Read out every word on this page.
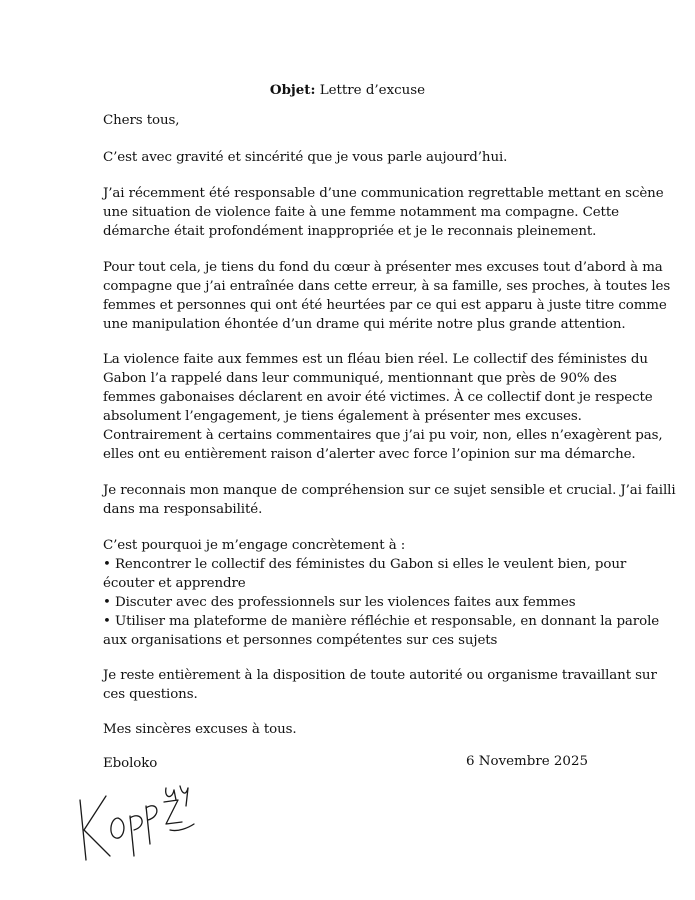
Objet: Lettre d’excuse
Chers tous,
C’est avec gravité et sincérité que je vous parle aujourd’hui.
J’ai récemment été responsable d’une communication regrettable mettant en scène
une situation de violence faite à une femme notamment ma compagne. Cette
démarche était profondément inappropriée et je le reconnais pleinement.
Pour tout cela, je tiens du fond du cœur à présenter mes excuses tout d’abord à ma
compagne que j’ai entraînée dans cette erreur, à sa famille, ses proches, à toutes les
femmes et personnes qui ont été heurtées par ce qui est apparu à juste titre comme
une manipulation éhontée d’un drame qui mérite notre plus grande attention.
La violence faite aux femmes est un fléau bien réel. Le collectif des féministes du
Gabon l’a rappelé dans leur communiqué, mentionnant que près de 90% des
femmes gabonaises déclarent en avoir été victimes. À ce collectif dont je respecte
absolument l’engagement, je tiens également à présenter mes excuses.
Contrairement à certains commentaires que j’ai pu voir, non, elles n’exagèrent pas,
elles ont eu entièrement raison d’alerter avec force l’opinion sur ma démarche.
Je reconnais mon manque de compréhension sur ce sujet sensible et crucial. J’ai failli
dans ma responsabilité.
C’est pourquoi je m’engage concrètement à :
• Rencontrer le collectif des féministes du Gabon si elles le veulent bien, pour
écouter et apprendre
• Discuter avec des professionnels sur les violences faites aux femmes
• Utiliser ma plateforme de manière réfléchie et responsable, en donnant la parole
aux organisations et personnes compétentes sur ces sujets
Je reste entièrement à la disposition de toute autorité ou organisme travaillant sur
ces questions.
Mes sincères excuses à tous.
Eboloko	6 Novembre 2025
